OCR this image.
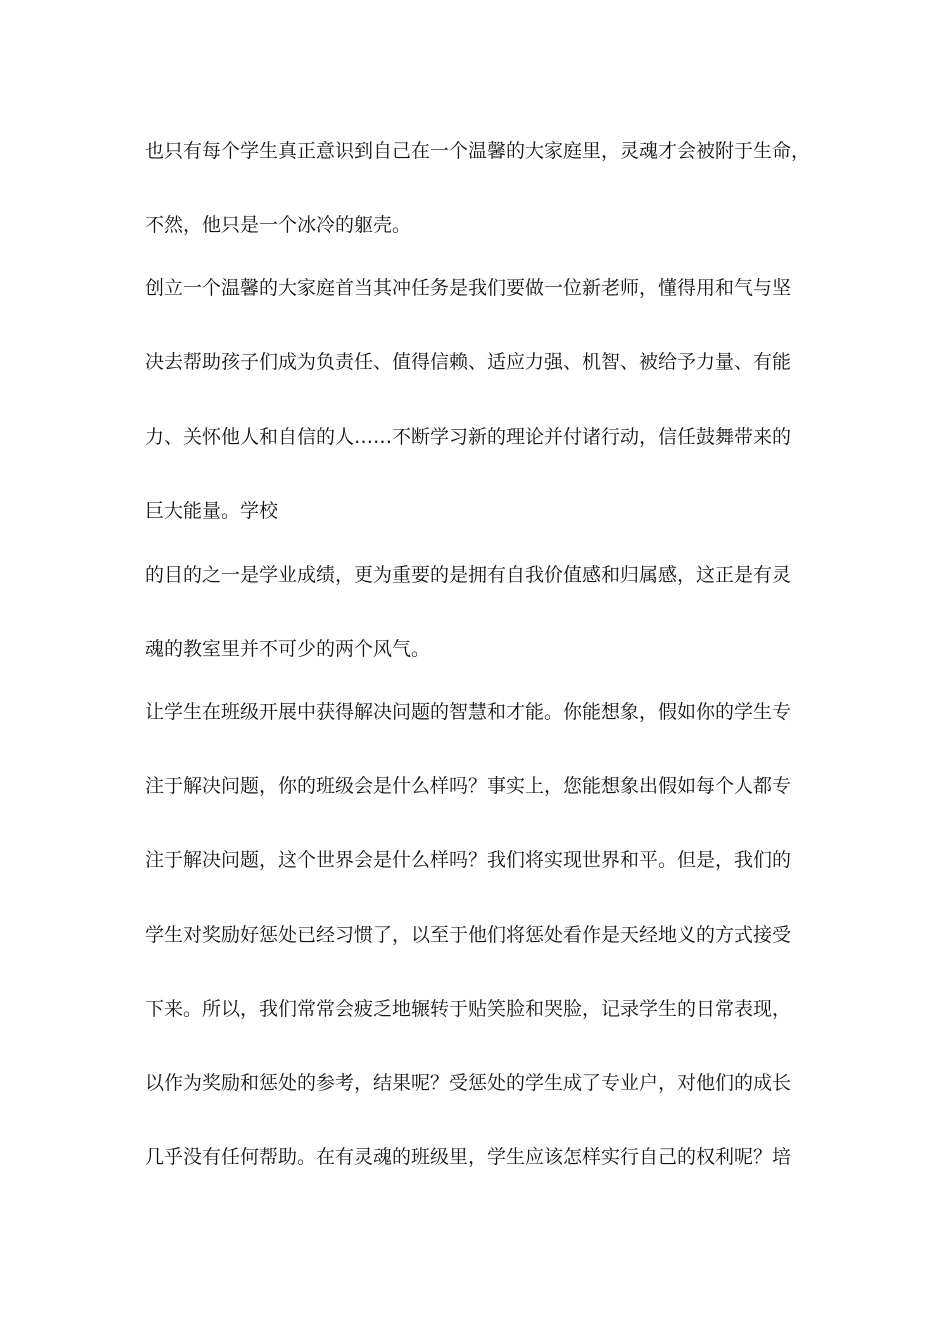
也只有每个学生真正意识到自己在一个温馨的大家庭里，灵魂才会被附于生命，
不然，他只是一个冰冷的躯壳。
创立一个温馨的大家庭首当其冲任务是我们要做一位新老师，懂得用和气与坚
决去帮助孩子们成为负责任、值得信赖、适应力强、机智、被给予力量、有能
力、关怀他人和自信的人……不断学习新的理论并付诸行动，信任鼓舞带来的
巨大能量。学校
的目的之一是学业成绩，更为重要的是拥有自我价值感和归属感，这正是有灵
魂的教室里并不可少的两个风气。
让学生在班级开展中获得解决问题的智慧和才能。你能想象，假如你的学生专
注于解决问题，你的班级会是什么样吗？事实上，您能想象出假如每个人都专
注于解决问题，这个世界会是什么样吗？我们将实现世界和平。但是，我们的
学生对奖励好惩处已经习惯了，以至于他们将惩处看作是天经地义的方式接受
下来。所以，我们常常会疲乏地辗转于贴笑脸和哭脸，记录学生的日常表现，
以作为奖励和惩处的参考，结果呢？受惩处的学生成了专业户，对他们的成长
几乎没有任何帮助。在有灵魂的班级里，学生应该怎样实行自己的权利呢？培
